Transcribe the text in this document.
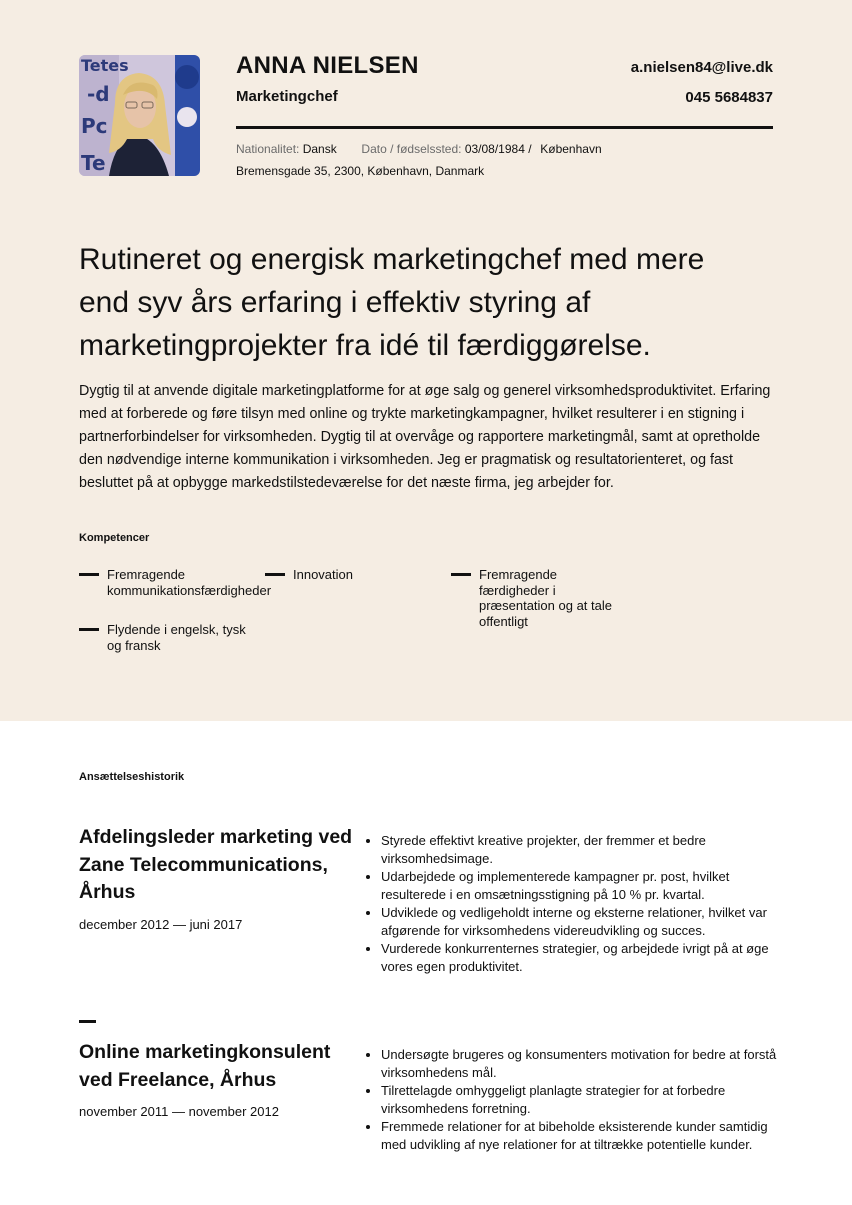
Tetes
-d
Pc
Te
ANNA NIELSEN
Marketingchef
a.nielsen84@live.dk
045 5684837
Nationalitet: Dansk Dato / fødselssted: 03/08/1984 / København
Bremensgade 35, 2300, København, Danmark
Rutineret og energisk marketingchef med mere end syv års erfaring i effektiv styring af marketingprojekter fra idé til færdiggørelse.
Dygtig til at anvende digitale marketingplatforme for at øge salg og generel virksomhedsproduktivitet. Erfaring med at forberede og føre tilsyn med online og trykte marketingkampagner, hvilket resulterer i en stigning i partnerforbindelser for virksomheden. Dygtig til at overvåge og rapportere marketingmål, samt at opretholde den nødvendige interne kommunikation i virksomheden. Jeg er pragmatisk og resultatorienteret, og fast besluttet på at opbygge markedstilstedeværelse for det næste firma, jeg arbejder for.
Kompetencer
Fremragende kommunikationsfærdigheder
Innovation	Fremragende færdigheder i præsentation og at tale offentligt
Flydende i engelsk, tysk og fransk
Ansættelseshistorik
Afdelingsleder marketing ved Zane Telecommunications, Århus
december 2012 — juni 2017
• Styrede effektivt kreative projekter, der fremmer et bedre virksomhedsimage.
• Udarbejdede og implementerede kampagner pr. post, hvilket resulterede i en omsætningsstigning på 10 % pr. kvartal.
• Udviklede og vedligeholdt interne og eksterne relationer, hvilket var afgørende for virksomhedens videreudvikling og succes.
• Vurderede konkurrenternes strategier, og arbejdede ivrigt på at øge vores egen produktivitet.
Online marketingkonsulent ved Freelance, Århus
november 2011 — november 2012
• Undersøgte brugeres og konsumenters motivation for bedre at forstå virksomhedens mål.
• Tilrettelagde omhyggeligt planlagte strategier for at forbedre virksomhedens forretning.
• Fremmede relationer for at bibeholde eksisterende kunder samtidig med udvikling af nye relationer for at tiltrække potentielle kunder.
